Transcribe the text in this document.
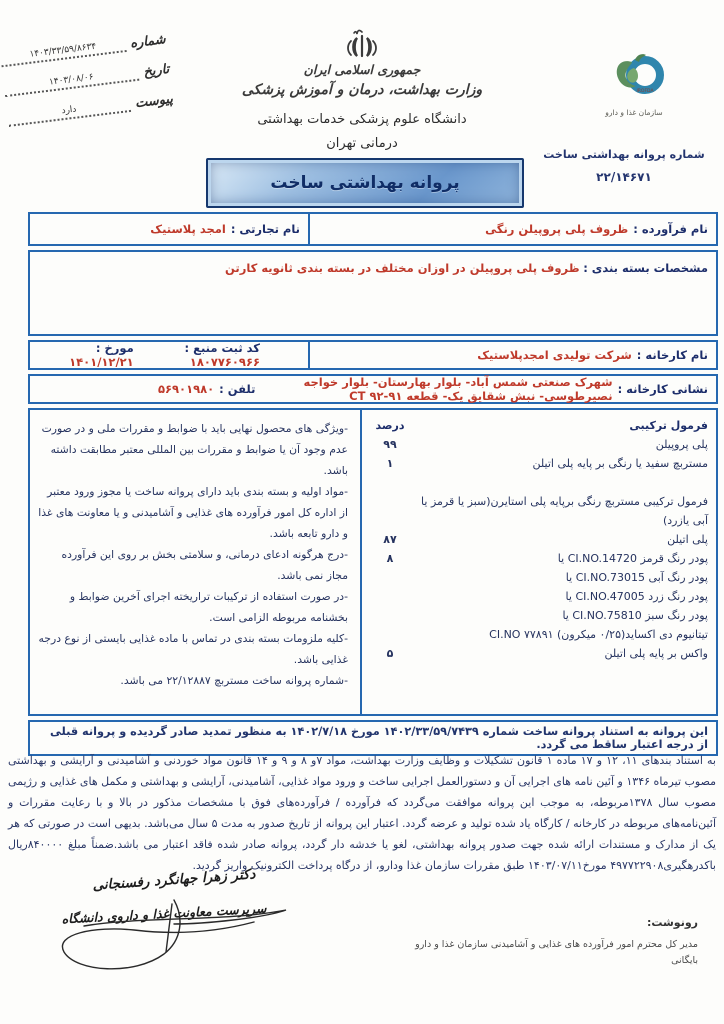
شماره
۱۴۰۳/۳۳/۵۹/۸۶۳۴
تاریخ
۱۴۰۳/۰۸/۰۶
پیوست
دارد
جمهوری اسلامی ایران
وزارت بهداشت، درمان و آموزش پزشکی
دانشگاه علوم پزشکی خدمات بهداشتی
درمانی تهران
IROFDA
سازمان غذا و دارو
شماره پروانه بهداشتی ساخت
۲۲/۱۴۶۷۱
پروانه بهداشتی ساخت
نام فرآورده :
ظروف پلی پروپیلن رنگی
نام تجارتی :
امجد پلاستیک
مشخصات بسته بندی : ظروف پلی پروپیلن در اوزان مختلف در بسته بندی ثانویه کارتن
نام کارخانه :
شرکت تولیدی امجدپلاستیک
کد ثبت منبع : ۱۸۰۷۷۶۰۹۶۶
مورخ : ۱۴۰۱/۱۲/۲۱
نشانی کارخانه :
شهرک صنعتی شمس آباد- بلوار بهارستان- بلوار خواجه نصیرطوسی- نبش شقایق یک- قطعه ۹۱-۹۲ CT
تلفن :
۵۶۹۰۱۹۸۰
فرمول ترکیبی
درصد
پلی پروپیلن
۹۹
مستربچ سفید یا رنگی بر پایه پلی اتیلن
۱
فرمول ترکیبی مستربچ رنگی برپایه پلی استایرن(سبز یا قرمز یا آبی یازرد)
پلی اتیلن
۸۷
پودر رنگ قرمز CI.NO.14720 یا
۸
پودر رنگ آبی CI.NO.73015 یا
پودر رنگ زرد CI.NO.47005 یا
پودر رنگ سبز CI.NO.75810 یا
تیتانیوم دی اکساید(۰/۲۵ میکرون) ۷۷۸۹۱ CI.NO
واکس بر پایه پلی اتیلن
۵
-ویژگی های محصول نهایی باید با ضوابط و مقررات ملی و در صورت عدم وجود آن یا ضوابط و مقررات بین المللی معتبر مطابقت داشته باشد.
-مواد اولیه و بسته بندی باید دارای پروانه ساخت یا مجوز ورود معتبر از اداره کل امور فرآورده های غذایی و آشامیدنی و یا معاونت های غذا و دارو تابعه باشد.
-درج هرگونه ادعای درمانی، و سلامتی بخش بر روی این فرآورده مجاز نمی باشد.
-در صورت استفاده از ترکیبات تراریخته اجرای آخرین ضوابط و بخشنامه مربوطه الزامی است.
-کلیه ملزومات بسته بندی در تماس با ماده غذایی بایستی از نوع درجه غذایی باشد.
-شماره پروانه ساخت مستربچ ۲۲/۱۲۸۸۷ می باشد.
این پروانه به استناد پروانه ساخت شماره ۱۴۰۲/۳۳/۵۹/۷۴۳۹ مورخ ۱۴۰۲/۷/۱۸ به منظور تمدید صادر گردیده و پروانه قبلی از درجه اعتبار ساقط می گردد.
به استناد بندهای ۱۱، ۱۲ و ۱۷ ماده ۱ قانون تشکیلات و وظایف وزارت بهداشت، مواد ۷و ۸ و ۹ و ۱۴ قانون مواد خوردنی و آشامیدنی و آرایشی و بهداشتی مصوب تیرماه ۱۳۴۶ و آئین نامه های اجرایی آن و دستورالعمل اجرایی ساخت و ورود مواد غذایی، آشامیدنی، آرایشی و بهداشتی و مکمل های غذایی و رژیمی مصوب سال ۱۳۷۸مربوطه، به موجب این پروانه موافقت می‌گردد که فرآورده / فرآورده‌های فوق با مشخصات مذکور در بالا و با رعایت مقررات و آئین‌نامه‌های مربوطه در کارخانه / کارگاه یاد شده تولید و عرضه گردد. اعتبار این پروانه از تاریخ صدور به مدت ۵ سال می‌باشد. بدیهی است در صورتی که هر یک از مدارک و مستندات ارائه شده جهت صدور پروانه بهداشتی، لغو یا خدشه دار گردد، پروانه صادر شده فاقد اعتبار می باشد.ضمناً مبلغ ۸۴۰۰۰۰ریال باکدرهگیری۴۹۷۷۲۲۹۰۸ مورخ۱۴۰۳/۰۷/۱۱ طبق مقررات سازمان غذا ودارو، از درگاه پرداخت الکترونیک واریز گردید.
دکتر زهرا جهانگرد رفسنجانی
سرپرست معاونت غذا و داروی دانشگاه	رونوشت:
مدیر کل محترم امور فرآورده های غذایی و آشامیدنی سازمان غذا و دارو
بایگانی
